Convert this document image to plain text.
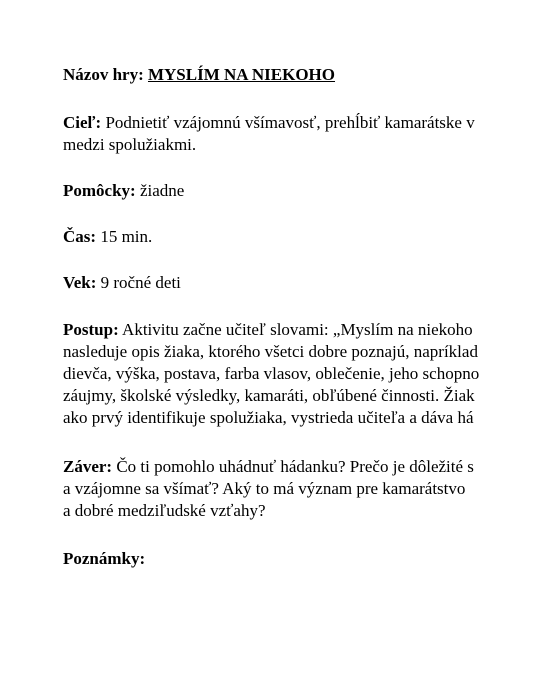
Názov hry: MYSLÍM NA NIEKOHO
Cieľ: Podnietiť vzájomnú všímavosť, prehĺbiť kamarátske v
medzi spolužiakmi.
Pomôcky: žiadne
Čas: 15 min.
Vek: 9 ročné deti
Postup: Aktivitu začne učiteľ slovami: „Myslím na niekoho
nasleduje opis žiaka, ktorého všetci dobre poznajú, napríklad
dievča, výška, postava, farba vlasov, oblečenie, jeho schopno
záujmy, školské výsledky, kamaráti, obľúbené činnosti. Žiak
ako prvý identifikuje spolužiaka, vystrieda učiteľa a dáva há
Záver: Čo ti pomohlo uhádnuť hádanku? Prečo je dôležité s
a vzájomne sa všímať? Aký to má význam pre kamarátstvo
a dobré medziľudské vzťahy?
Poznámky:
